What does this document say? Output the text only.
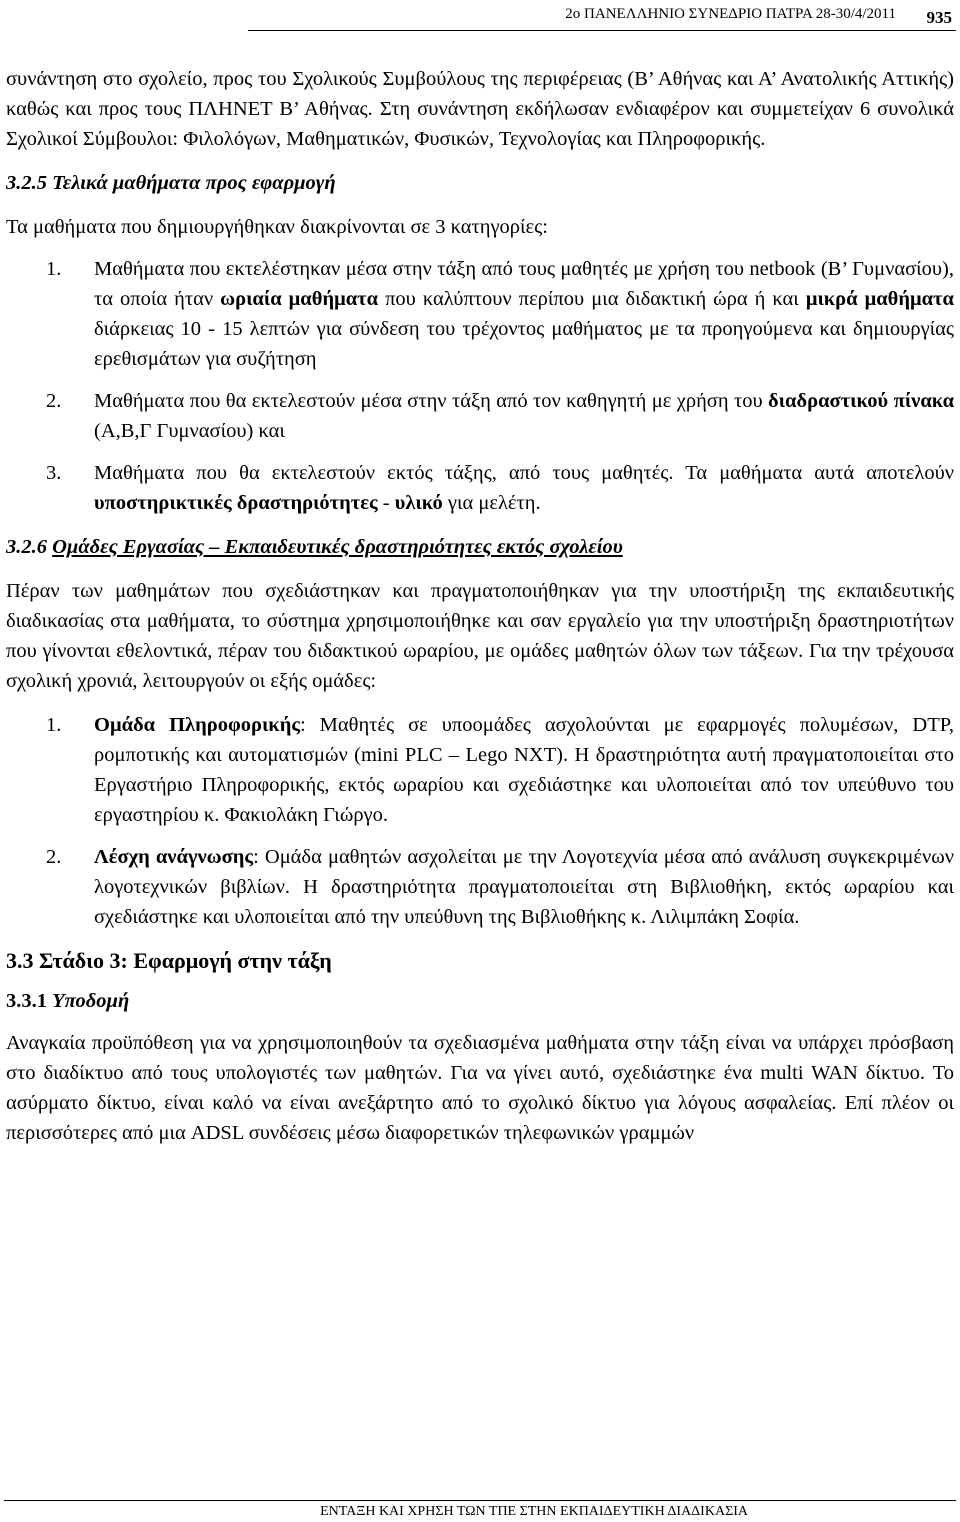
2ο ΠΑΝΕΛΛΗΝΙΟ ΣΥΝΕΔΡΙΟ ΠΑΤΡΑ 28-30/4/2011 935

συνάντηση στο σχολείο, προς του Σχολικούς Συμβούλους της περιφέρειας (Β’ Αθήνας και Α’ Ανατολικής Αττικής) καθώς και προς τους ΠΛΗΝΕΤ Β’ Αθήνας. Στη συνάντηση εκδήλωσαν ενδιαφέρον και συμμετείχαν 6 συνολικά Σχολικοί Σύμβουλοι: Φιλολόγων, Μαθηματικών, Φυσικών, Τεχνολογίας και Πληροφορικής.

3.2.5 Τελικά μαθήματα προς εφαρμογή

Τα μαθήματα που δημιουργήθηκαν διακρίνονται σε 3 κατηγορίες:

1.	Μαθήματα που εκτελέστηκαν μέσα στην τάξη από τους μαθητές με χρήση του netbook (Β’ Γυμνασίου), τα οποία ήταν ωριαία μαθήματα που καλύπτουν περίπου μια διδακτική ώρα ή και μικρά μαθήματα διάρκειας 10 - 15 λεπτών για σύνδεση του τρέχοντος μαθήματος με τα προηγούμενα και δημιουργίας ερεθισμάτων για συζήτηση
2.	Μαθήματα που θα εκτελεστούν μέσα στην τάξη από τον καθηγητή με χρήση του διαδραστικού πίνακα (Α,Β,Γ Γυμνασίου) και
3.	Μαθήματα που θα εκτελεστούν εκτός τάξης, από τους μαθητές. Τα μαθήματα αυτά αποτελούν υποστηρικτικές δραστηριότητες - υλικό για μελέτη.
3.2.6 Ομάδες Εργασίας – Εκπαιδευτικές δραστηριότητες εκτός σχολείου

Πέραν των μαθημάτων που σχεδιάστηκαν και πραγματοποιήθηκαν για την υποστήριξη της εκπαιδευτικής διαδικασίας στα μαθήματα, το σύστημα χρησιμοποιήθηκε και σαν εργαλείο για την υποστήριξη δραστηριοτήτων που γίνονται εθελοντικά, πέραν του διδακτικού ωραρίου, με ομάδες μαθητών όλων των τάξεων. Για την τρέχουσα σχολική χρονιά, λειτουργούν οι εξής ομάδες:

1.	Ομάδα Πληροφορικής: Μαθητές σε υποομάδες ασχολούνται με εφαρμογές πολυμέσων, DTP, ρομποτικής και αυτοματισμών (mini PLC – Lego NXT). Η δραστηριότητα αυτή πραγματοποιείται στο Εργαστήριο Πληροφορικής, εκτός ωραρίου και σχεδιάστηκε και υλοποιείται από τον υπεύθυνο του εργαστηρίου κ. Φακιολάκη Γιώργο.
2.	Λέσχη ανάγνωσης: Ομάδα μαθητών ασχολείται με την Λογοτεχνία μέσα από ανάλυση συγκεκριμένων λογοτεχνικών βιβλίων. Η δραστηριότητα πραγματοποιείται στη Βιβλιοθήκη, εκτός ωραρίου και σχεδιάστηκε και υλοποιείται από την υπεύθυνη της Βιβλιοθήκης κ. Λιλιμπάκη Σοφία.
3.3 Στάδιο 3: Εφαρμογή στην τάξη
3.3.1 Υποδομή

Αναγκαία προϋπόθεση για να χρησιμοποιηθούν τα σχεδιασμένα μαθήματα στην τάξη είναι να υπάρχει πρόσβαση στο διαδίκτυο από τους υπολογιστές των μαθητών. Για να γίνει αυτό, σχεδιάστηκε ένα multi WAN δίκτυο. Το ασύρματο δίκτυο, είναι καλό να είναι ανεξάρτητο από το σχολικό δίκτυο για λόγους ασφαλείας. Επί πλέον οι περισσότερες από μια ADSL συνδέσεις μέσω διαφορετικών τηλεφωνικών γραμμών

ΕΝΤΑΞΗ ΚΑΙ ΧΡΗΣΗ ΤΩΝ ΤΠΕ ΣΤΗΝ ΕΚΠΑΙΔΕΥΤΙΚΗ ΔΙΑΔΙΚΑΣΙΑ
